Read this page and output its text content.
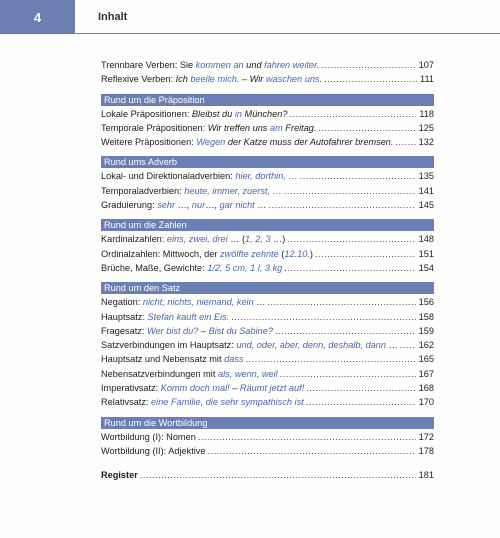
4	Inhalt
Trennbare Verben: Sie kommen an und fahren weiter. .....	107
Reflexive Verben: Ich beeile mich. – Wir waschen uns. .....	111
Rund um die Präposition
Lokale Präpositionen: Bleibst du in München? .....	118
Temporale Präpositionen: Wir treffen uns am Freitag. .....	125
Weitere Präpositionen: Wegen der Katze muss der Autofahrer bremsen. .....	132
Rund ums Adverb
Lokal- und Direktionaladverbien: hier, dorthin, … .....	135
Temporaladverbien: heute, immer, zuerst, … .....	141
Graduierung: sehr …, nur…, gar nicht … .....	145
Rund um die Zahlen
Kardinalzahlen: eins, zwei, drei … (1, 2, 3 …) .....	148
Ordinalzahlen: Mittwoch, der zwölfte zehnte (12.10.) .....	151
Brüche, Maße, Gewichte: 1/2, 5 cm, 1 l, 3 kg .....	154
Rund um den Satz
Negation: nicht, nichts, niemand, kein … .....	156
Hauptsatz: Stefan kauft ein Eis. .....	158
Fragesatz: Wer bist du? – Bist du Sabine? .....	159
Satzverbindungen im Hauptsatz: und, oder, aber, denn, deshalb, dann … ..... 162
Hauptsatz und Nebensatz mit dass .....	165
Nebensatzverbindungen mit als, wenn, weil .....	167
Imperativsatz: Komm doch mal! – Räumt jetzt auf! .....	168
Relativsatz: eine Familie, die sehr sympathisch ist .....	170
Rund um die Wortbildung
Wortbildung (I): Nomen .....	172
Wortbildung (II): Adjektive .....	178
Register .....	181
